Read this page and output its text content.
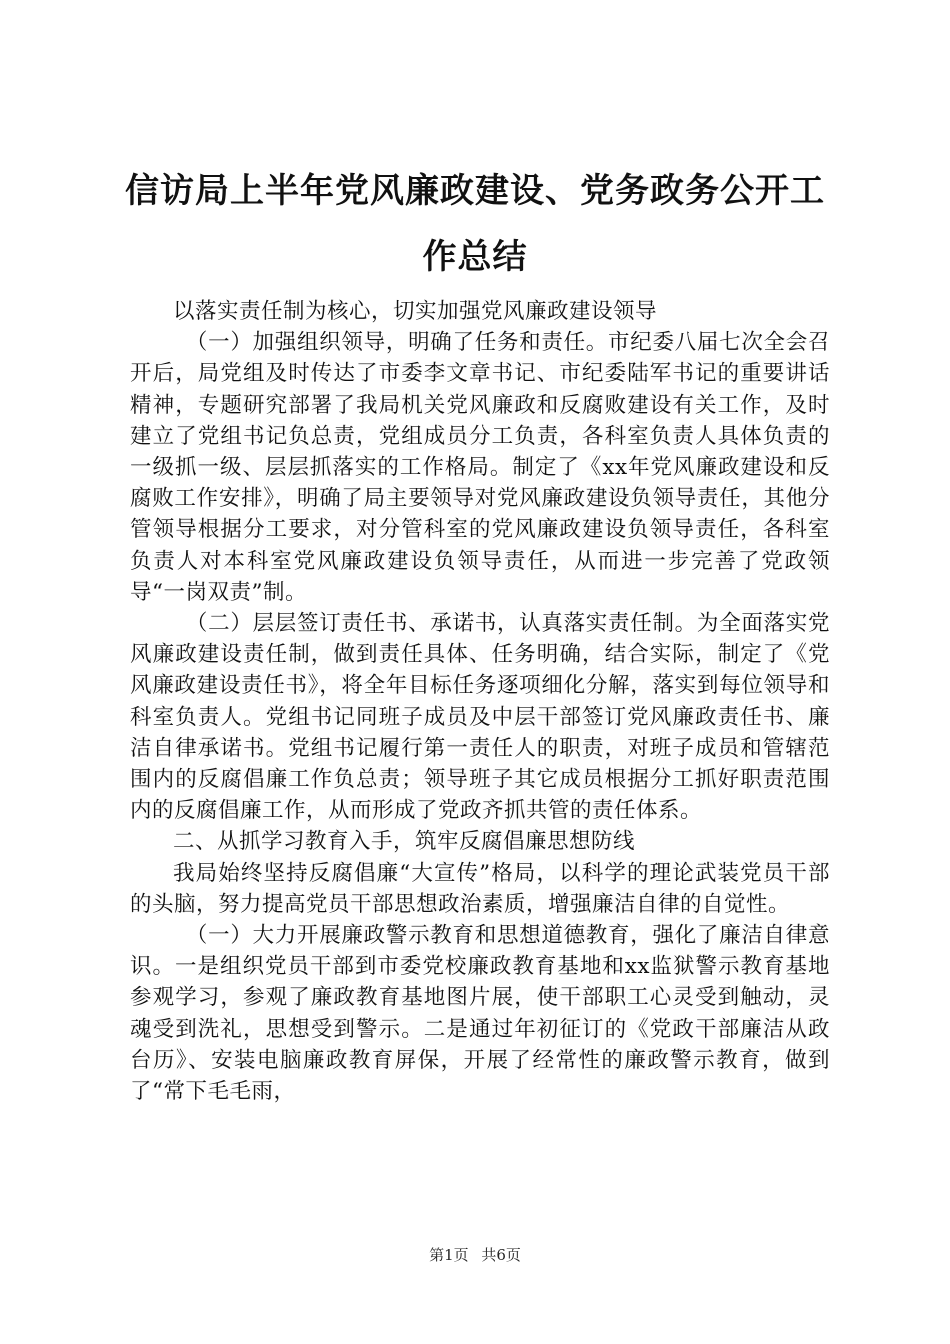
信访局上半年党风廉政建设、党务政务公开工作总结

以落实责任制为核心，切实加强党风廉政建设领导

（一）加强组织领导，明确了任务和责任。市纪委八届七次全会召开后，局党组及时传达了市委李文章书记、市纪委陆军书记的重要讲话精神，专题研究部署了我局机关党风廉政和反腐败建设有关工作，及时建立了党组书记负总责，党组成员分工负责，各科室负责人具体负责的一级抓一级、层层抓落实的工作格局。制定了《xx年党风廉政建设和反腐败工作安排》，明确了局主要领导对党风廉政建设负领导责任，其他分管领导根据分工要求，对分管科室的党风廉政建设负领导责任，各科室负责人对本科室党风廉政建设负领导责任，从而进一步完善了党政领导“一岗双责”制。

（二）层层签订责任书、承诺书，认真落实责任制。为全面落实党风廉政建设责任制，做到责任具体、任务明确，结合实际，制定了《党风廉政建设责任书》，将全年目标任务逐项细化分解，落实到每位领导和科室负责人。党组书记同班子成员及中层干部签订党风廉政责任书、廉洁自律承诺书。党组书记履行第一责任人的职责，对班子成员和管辖范围内的反腐倡廉工作负总责；领导班子其它成员根据分工抓好职责范围内的反腐倡廉工作，从而形成了党政齐抓共管的责任体系。

二、从抓学习教育入手，筑牢反腐倡廉思想防线

我局始终坚持反腐倡廉“大宣传”格局，以科学的理论武装党员干部的头脑，努力提高党员干部思想政治素质，增强廉洁自律的自觉性。

（一）大力开展廉政警示教育和思想道德教育，强化了廉洁自律意识。一是组织党员干部到市委党校廉政教育基地和xx监狱警示教育基地参观学习，参观了廉政教育基地图片展，使干部职工心灵受到触动，灵魂受到洗礼，思想受到警示。二是通过年初征订的《党政干部廉洁从政台历》、安装电脑廉政教育屏保，开展了经常性的廉政警示教育，做到了“常下毛毛雨，

第1页 共6页
